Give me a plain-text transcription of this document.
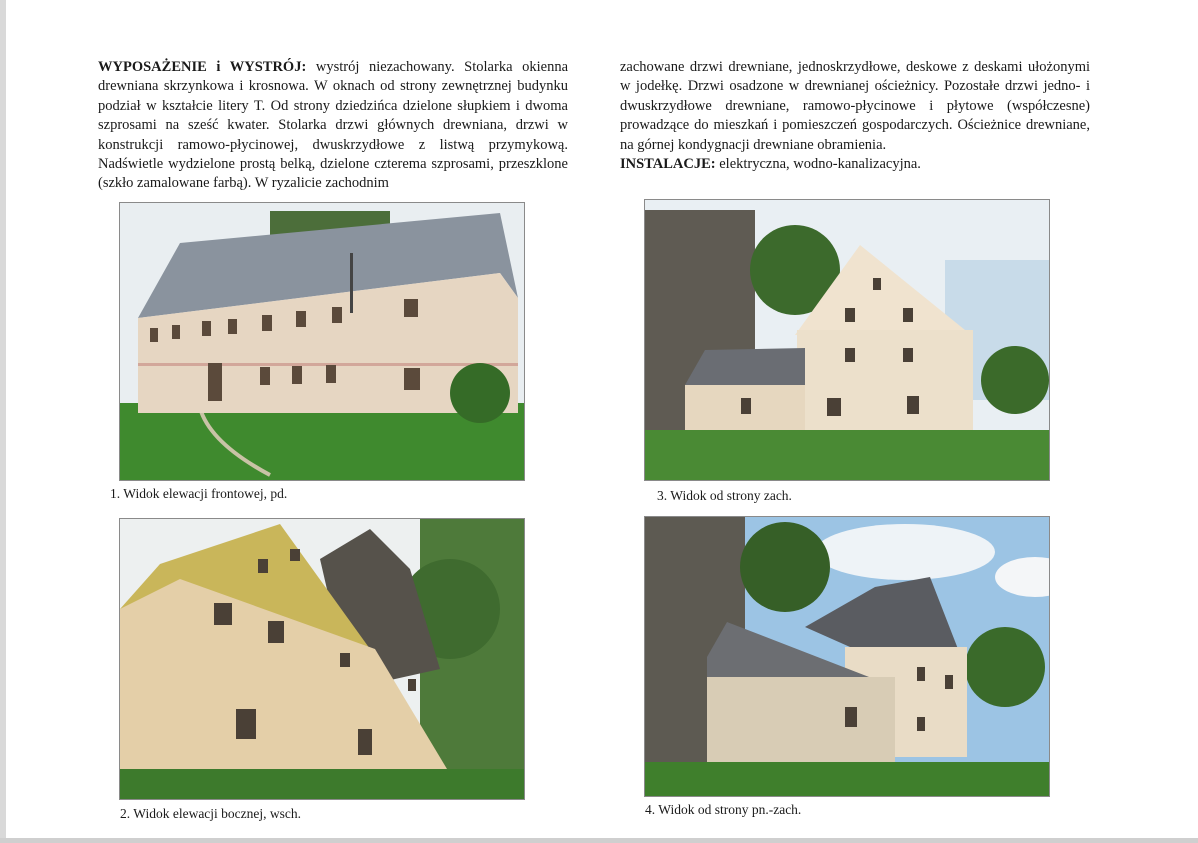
WYPOSAŻENIE i WYSTRÓJ: wystrój niezachowany. Stolarka okienna drewniana skrzynkowa i krosnowa. W oknach od strony zewnętrznej budynku podział w kształcie litery T. Od strony dziedzińca dzielone słupkiem i dwoma szprosami na sześć kwater. Stolarka drzwi głównych drewniana, drzwi w konstrukcji ramowo-płycinowej, dwuskrzydłowe z listwą przymykową. Nadświetle wydzielone prostą belką, dzielone czterema szprosami, przeszklone (szkło zamalowane farbą). W ryzalicie zachodnim
zachowane drzwi drewniane, jednoskrzydłowe, deskowe z deskami ułożonymi w jodełkę. Drzwi osadzone w drewnianej ościeżnicy. Pozostałe drzwi jedno- i dwuskrzydłowe drewniane, ramowo-płycinowe i płytowe (współczesne) prowadzące do mieszkań i pomieszczeń gospodarczych. Ościeżnice drewniane, na górnej kondygnacji drewniane obramienia.
INSTALACJE: elektryczna, wodno-kanalizacyjna.
1. Widok elewacji frontowej, pd.
2. Widok elewacji bocznej, wsch.
3. Widok od strony zach.
4. Widok od strony pn.-zach.
